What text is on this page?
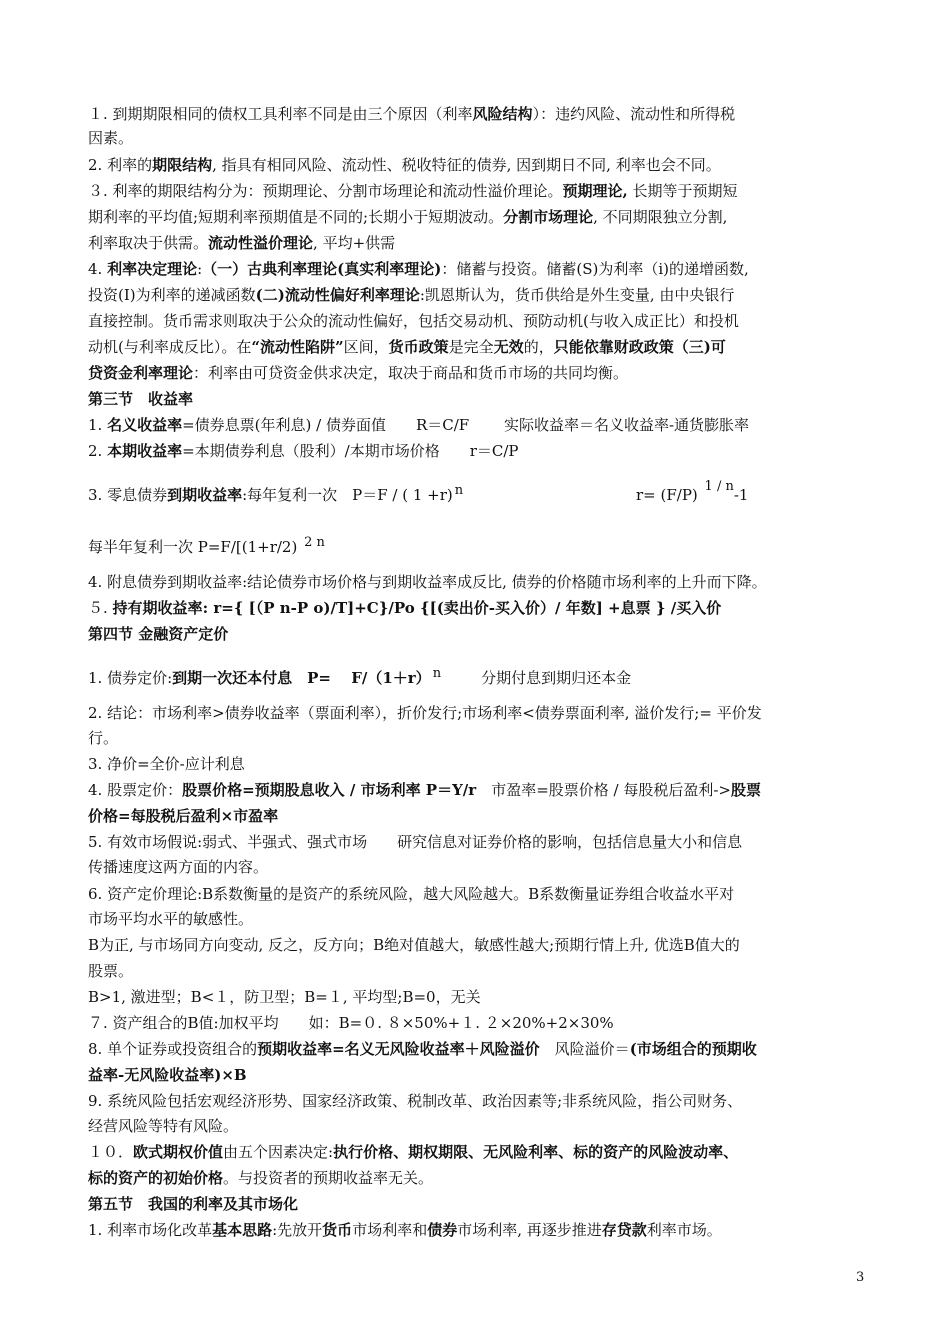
１. 到期期限相同的债权工具利率不同是由三个原因（利率风险结构）：违约风险、流动性和所得税
因素。
2. 利率的期限结构, 指具有相同风险、流动性、税收特征的债券, 因到期日不同, 利率也会不同。
３. 利率的期限结构分为：预期理论、分割市场理论和流动性溢价理论。预期理论, 长期等于预期短
期利率的平均值;短期利率预期值是不同的;长期小于短期波动。分割市场理论, 不同期限独立分割,
利率取决于供需。流动性溢价理论, 平均+供需
4. 利率决定理论:（一）古典利率理论(真实利率理论)：储蓄与投资。储蓄(S)为利率（i)的递增函数,
投资(I)为利率的递减函数(二)流动性偏好利率理论:凯恩斯认为，货币供给是外生变量, 由中央银行
直接控制。货币需求则取决于公众的流动性偏好，包括交易动机、预防动机(与收入成正比）和投机
动机(与利率成反比）。在“流动性陷阱”区间，货币政策是完全无效的，只能依靠财政政策（三)可
贷资金利率理论：利率由可贷资金供求决定，取决于商品和货币市场的共同均衡。
第三节　收益率
1. 名义收益率=债券息票(年利息) / 债券面值　　R＝C/F　　 实际收益率＝名义收益率-通货膨胀率
2. 本期收益率=本期债券利息（股利）/本期市场价格　　r＝C/P
3. 零息债券到期收益率:每年复利一次　P＝F / ( 1 +r) $^n$	r= (F/P) $^{1 / n}$-1
每半年复利一次 P=F/[(1+r/2) $^{2 n}$
4. 附息债券到期收益率:结论债券市场价格与到期收益率成反比, 债券的价格随市场利率的上升而下降。
５. 持有期收益率: r={ [（P n-P o)/T]+C}/Po {[(卖出价-买入价）/ 年数] +息票 } /买入价
第四节 金融资产定价
1. 债券定价:到期一次还本付息　P=　 F/（1＋r） $^n$	分期付息到期归还本金
2. 结论：市场利率>债券收益率（票面利率），折价发行;市场利率<债券票面利率, 溢价发行;= 平价发
行。
3. 净价=全价-应计利息
4. 股票定价：股票价格=预期股息收入 / 市场利率 P＝Y/r　市盈率=股票价格 / 每股税后盈利->股票
价格=每股税后盈利×市盈率
5. 有效市场假说:弱式、半强式、强式市场　　研究信息对证券价格的影响，包括信息量大小和信息
传播速度这两方面的内容。
6. 资产定价理论:Β系数衡量的是资产的系统风险，越大风险越大。Β系数衡量证券组合收益水平对
市场平均水平的敏感性。
Β为正, 与市场同方向变动, 反之，反方向；Β绝对值越大，敏感性越大;预期行情上升, 优选Β值大的
股票。
Β>1, 激进型；Β<１，防卫型；Β=１, 平均型;Β=0，无关
７. 资产组合的Β值:加权平均　　如：Β=０. ８×50%+１. ２×20%+2×30%
8. 单个证券或投资组合的预期收益率=名义无风险收益率＋风险溢价　风险溢价＝(市场组合的预期收
益率-无风险收益率)×Β
9. 系统风险包括宏观经济形势、国家经济政策、税制改革、政治因素等;非系统风险，指公司财务、
经营风险等特有风险。
１０．欧式期权价值由五个因素决定:执行价格、期权期限、无风险利率、标的资产的风险波动率、
标的资产的初始价格。与投资者的预期收益率无关。
第五节　我国的利率及其市场化
1. 利率市场化改革基本思路:先放开货币市场利率和债券市场利率, 再逐步推进存贷款利率市场。
3
